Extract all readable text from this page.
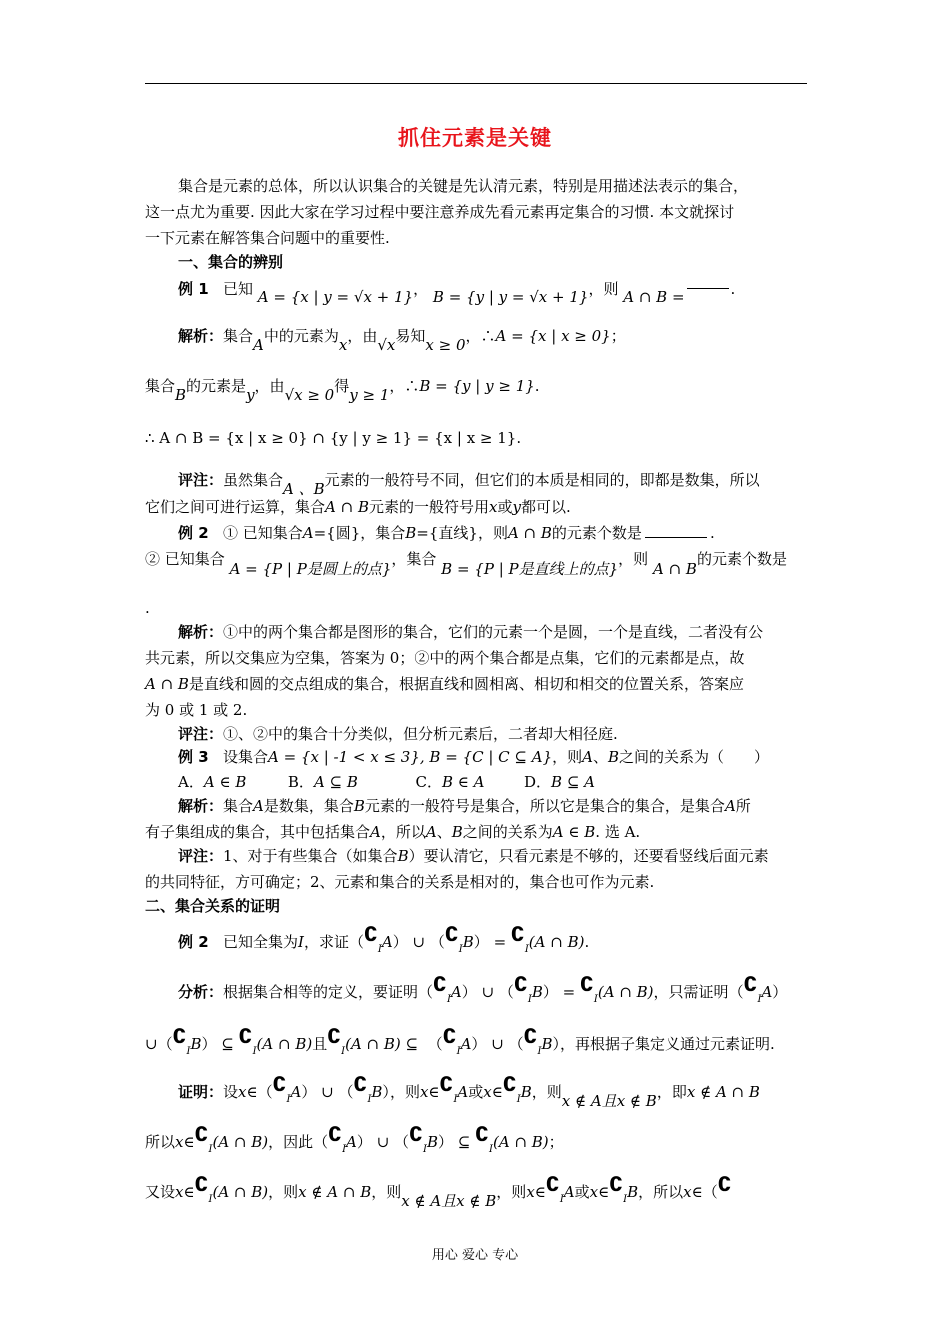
抓住元素是关键
集合是元素的总体，所以认识集合的关键是先认清元素，特别是用描述法表示的集合，
这一点尤为重要. 因此大家在学习过程中要注意养成先看元素再定集合的习惯. 本文就探讨
一下元素在解答集合问题中的重要性.
一、集合的辨别
例 1 已知 A = {x | y = √x + 1}， B = {y | y = √x + 1}，则 A ∩ B =	.
解析：集合A中的元素为x，由√x易知x ≥ 0，∴A = {x | x ≥ 0}；
集合B的元素是y，由√x ≥ 0得y ≥ 1，∴B = {y | y ≥ 1}.
∴ A ∩ B = {x | x ≥ 0} ∩ {y | y ≥ 1} = {x | x ≥ 1}.
评注：虽然集合A 、B元素的一般符号不同，但它们的本质是相同的，即都是数集，所以
它们之间可进行运算，集合A ∩ B元素的一般符号用x或y都可以.
例 2 ① 已知集合A={圆}，集合B={直线}，则A ∩ B的元素个数是	.
② 已知集合 A = {P | P是圆上的点}，集合 B = {P | P是直线上的点}，则 A ∩ B的元素个数是
.
解析：①中的两个集合都是图形的集合，它们的元素一个是圆，一个是直线，二者没有公
共元素，所以交集应为空集，答案为 0；②中的两个集合都是点集，它们的元素都是点，故
A ∩ B是直线和圆的交点组成的集合，根据直线和圆相离、相切和相交的位置关系，答案应
为 0 或 1 或 2.
评注：①、②中的集合十分类似，但分析元素后，二者却大相径庭.
例 3 设集合A = {x | -1 < x ≤ 3}, B = {C | C ⊆ A}，则A、B之间的关系为（　　）
A．A ∈ B	B．A ⊆ B	C．B ∈ A	D．B ⊆ A
解析：集合A是数集，集合B元素的一般符号是集合，所以它是集合的集合，是集合A所
有子集组成的集合，其中包括集合A，所以A、B之间的关系为A ∈ B. 选 A.
评注：1、对于有些集合（如集合B）要认清它，只看元素是不够的，还要看竖线后面元素
的共同特征，方可确定；2、元素和集合的关系是相对的，集合也可作为元素.
二、集合关系的证明
例 2 已知全集为I，求证$(∁_IA)$ ∪ $(∁_IB)$ = $∁_I(A$ ∩ B).
分析：根据集合相等的定义，要证明$(∁_IA)$ ∪ $(∁_IB)$ = $∁_I(A$ ∩ B)，只需证明$(∁_IA)$
$\cup(∁_IB)$ ⊆ $∁_I(A$ ∩ B)且$∁_I(A$ ∩ B) ⊆ $(∁_IA)$ ∪ $(∁_IB)$，再根据子集定义通过元素证明.
证明：设$x\in(∁_IA)$ ∪ $(∁_IB)$，则$x\in∁_IA$或$x\in∁_IB$，则x ∉ A且x ∉ B，即x ∉ A ∩ B
所以$x\in∁_I(A$ ∩ B)，因此$(∁_IA)$ ∪ $(∁_IB)$ ⊆ $∁_I(A$ ∩ B)；
又设$x\in∁_I(A$ ∩ B)，则x ∉ A ∩ B，则x ∉ A且x ∉ B，则$x\in∁_IA$或$x\in∁_IB$，所以x∈（∁
用心 爱心 专心
